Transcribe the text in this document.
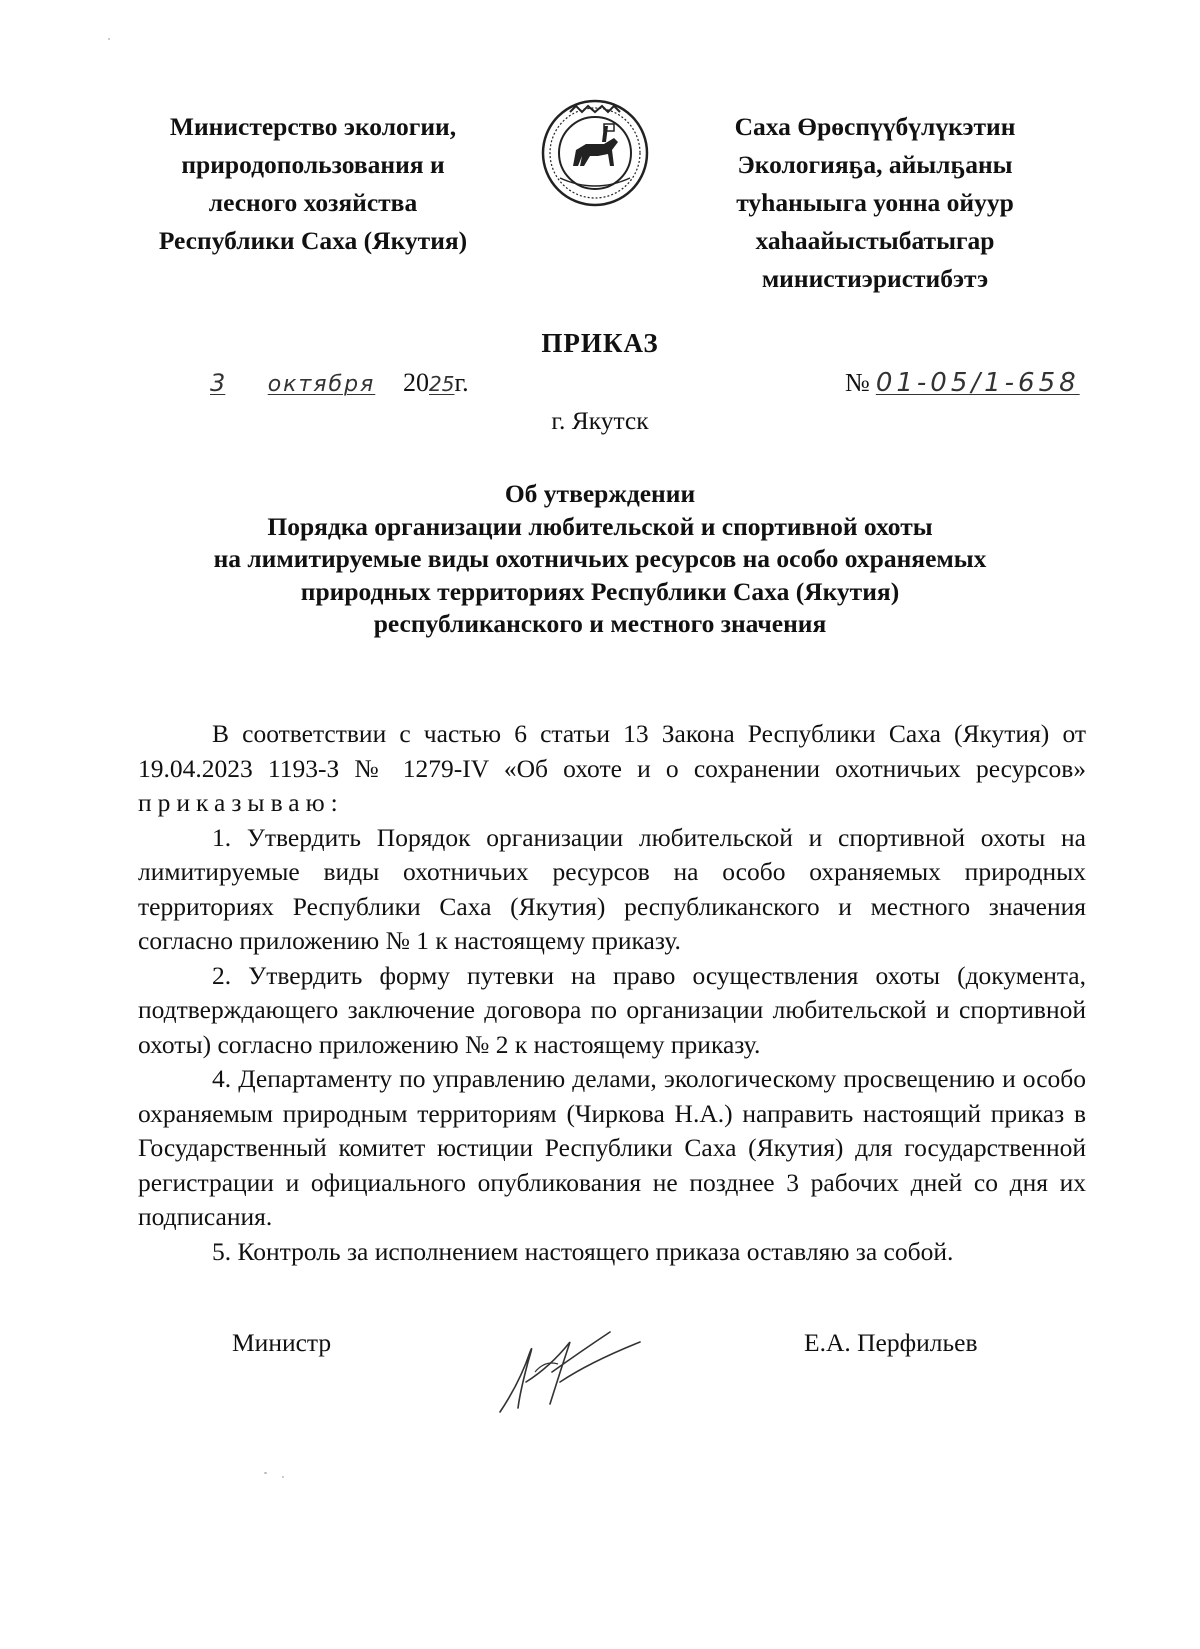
Министерство экологии,
природопользования и
лесного хозяйства
Республики Саха (Якутия)
Саха Өрөспүүбүлүкэтин
Экологияҕа, айылҕаны
туһаныыга уонна ойуур
хаһаайыстыбатыгар
министиэристибэтэ
ПРИКАЗ
3 октября 2025г.	№ 01-05/1-658
г. Якутск
Об утверждении
Порядка организации любительской и спортивной охоты
на лимитируемые виды охотничьих ресурсов на особо охраняемых
природных территориях Республики Саха (Якутия)
республиканского и местного значения

В соответствии с частью 6 статьи 13 Закона Республики Саха (Якутия) от 19.04.2023 1193-З № 1279-IV «Об охоте и о сохранении охотничьих ресурсов» приказываю:

1. Утвердить Порядок организации любительской и спортивной охоты на лимитируемые виды охотничьих ресурсов на особо охраняемых природных территориях Республики Саха (Якутия) республиканского и местного значения согласно приложению № 1 к настоящему приказу.

2. Утвердить форму путевки на право осуществления охоты (документа, подтверждающего заключение договора по организации любительской и спортивной охоты) согласно приложению № 2 к настоящему приказу.

4. Департаменту по управлению делами, экологическому просвещению и особо охраняемым природным территориям (Чиркова Н.А.) направить настоящий приказ в Государственный комитет юстиции Республики Саха (Якутия) для государственной регистрации и официального опубликования не позднее 3 рабочих дней со дня их подписания.

5. Контроль за исполнением настоящего приказа оставляю за собой.

Министр	Е.А. Перфильев
